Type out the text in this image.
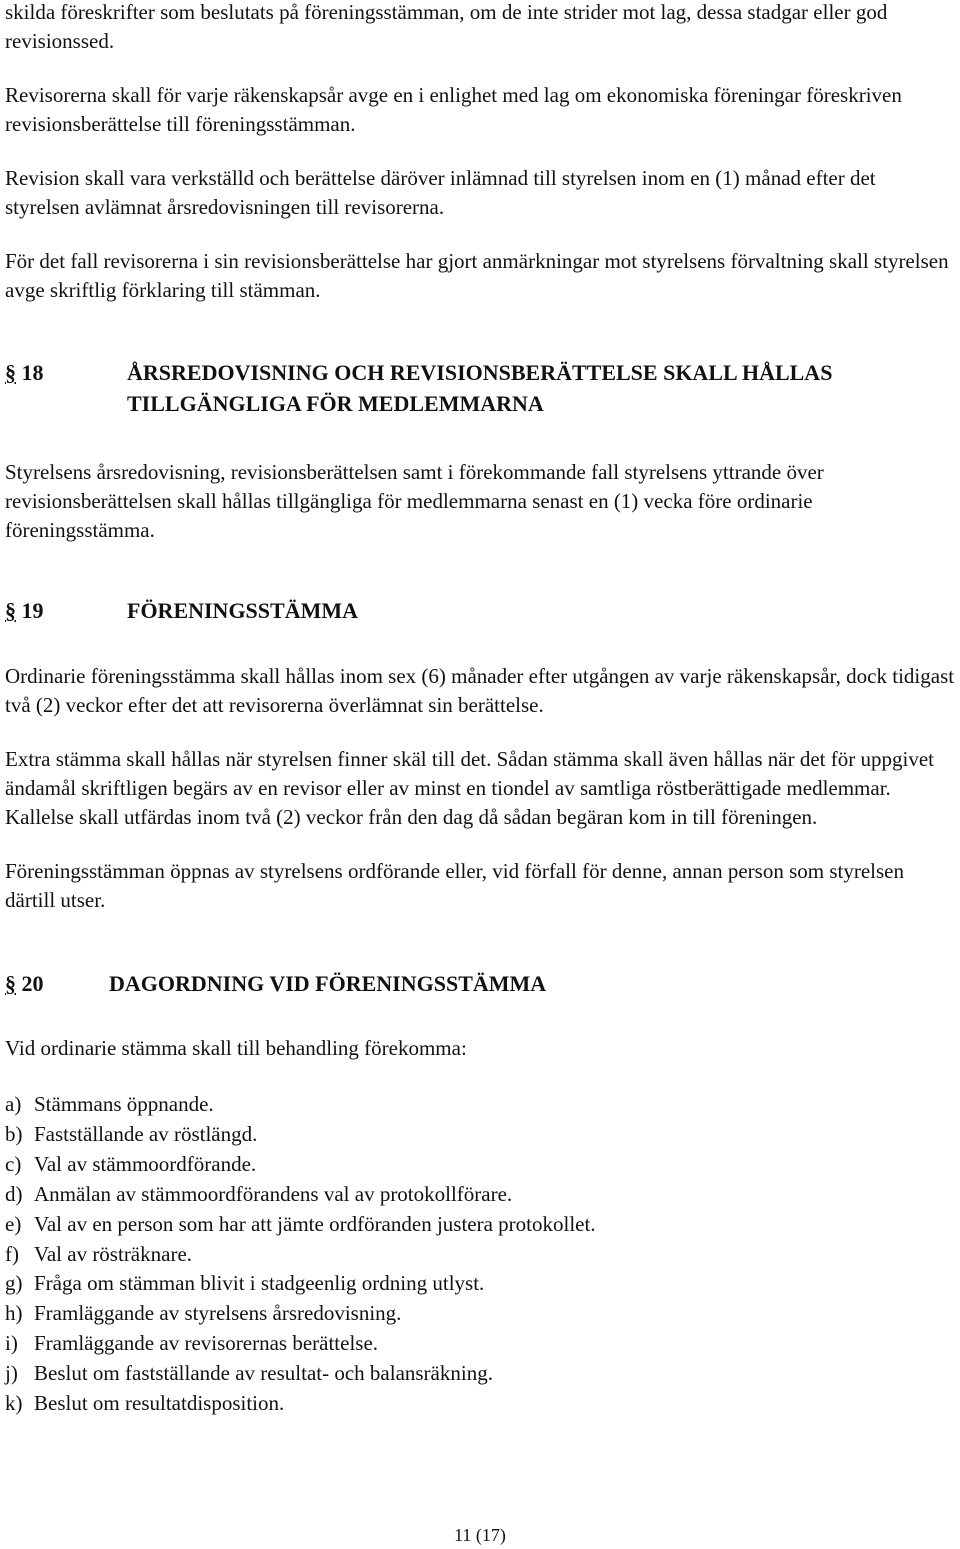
skilda föreskrifter som beslutats på föreningsstämman, om de inte strider mot lag, dessa stadgar eller god revisionssed.

Revisorerna skall för varje räkenskapsår avge en i enlighet med lag om ekonomiska föreningar föreskriven revisionsberättelse till föreningsstämman.

Revision skall vara verkställd och berättelse däröver inlämnad till styrelsen inom en (1) månad efter det styrelsen avlämnat årsredovisningen till revisorerna.

För det fall revisorerna i sin revisionsberättelse har gjort anmärkningar mot styrelsens förvaltning skall styrelsen avge skriftlig förklaring till stämman.

§ 18	ÅRSREDOVISNING OCH REVISIONSBERÄTTELSE SKALL HÅLLAS TILLGÄNGLIGA FÖR MEDLEMMARNA

Styrelsens årsredovisning, revisionsberättelsen samt i förekommande fall styrelsens yttrande över revisionsberättelsen skall hållas tillgängliga för medlemmarna senast en (1) vecka före ordinarie föreningsstämma.

§ 19	FÖRENINGSSTÄMMA

Ordinarie föreningsstämma skall hållas inom sex (6) månader efter utgången av varje räkenskapsår, dock tidigast två (2) veckor efter det att revisorerna överlämnat sin berättelse.

Extra stämma skall hållas när styrelsen finner skäl till det. Sådan stämma skall även hållas när det för uppgivet ändamål skriftligen begärs av en revisor eller av minst en tiondel av samtliga röstberättigade medlemmar. Kallelse skall utfärdas inom två (2) veckor från den dag då sådan begäran kom in till föreningen.

Föreningsstämman öppnas av styrelsens ordförande eller, vid förfall för denne, annan person som styrelsen därtill utser.

§ 20	DAGORDNING VID FÖRENINGSSTÄMMA

Vid ordinarie stämma skall till behandling förekomma:

a) Stämmans öppnande.
b) Fastställande av röstlängd.
c) Val av stämmoordförande.
d) Anmälan av stämmoordförandens val av protokollförare.
e) Val av en person som har att jämte ordföranden justera protokollet.
f) Val av rösträknare.
g) Fråga om stämman blivit i stadgeenlig ordning utlyst.
h) Framläggande av styrelsens årsredovisning.
i) Framläggande av revisorernas berättelse.
j) Beslut om fastställande av resultat- och balansräkning.
k) Beslut om resultatdisposition.
11 (17)
